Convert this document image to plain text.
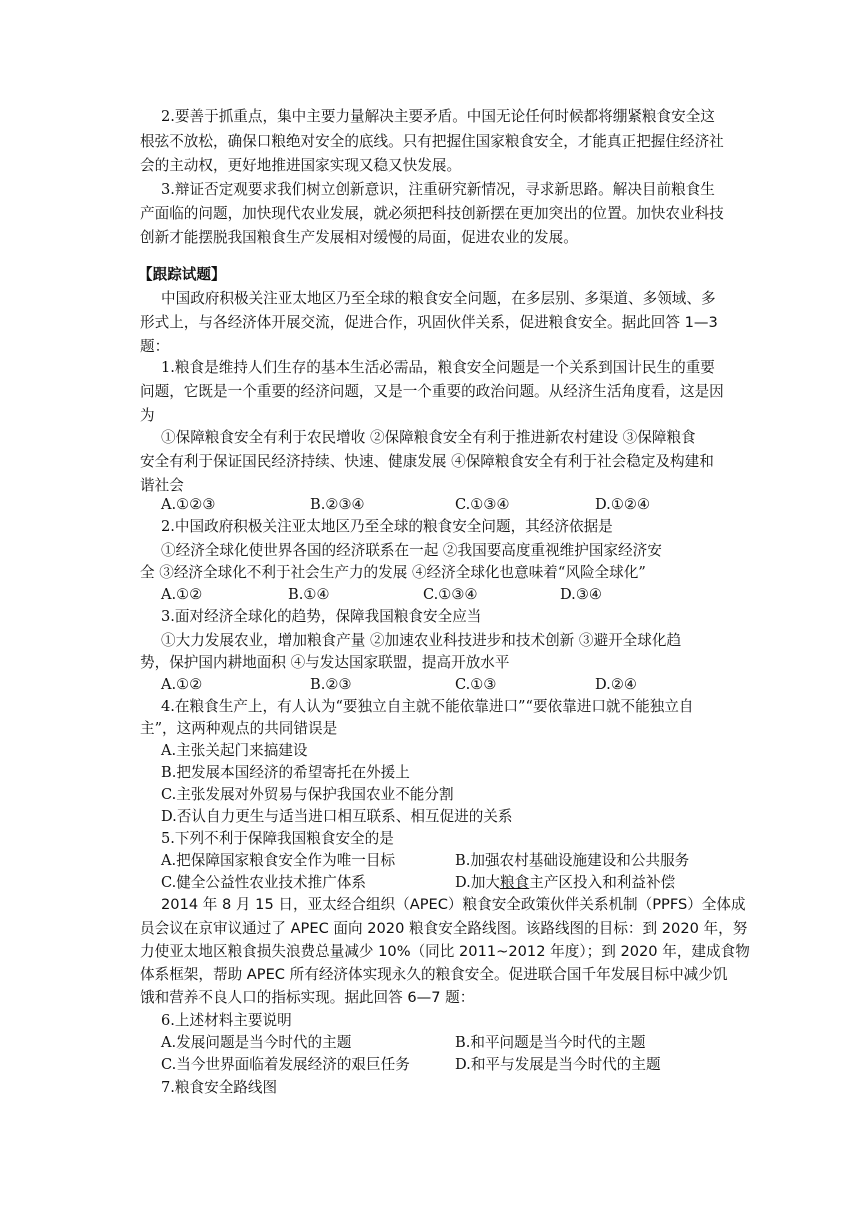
2.要善于抓重点，集中主要力量解决主要矛盾。中国无论任何时候都将绷紧粮食安全这
根弦不放松，确保口粮绝对安全的底线。只有把握住国家粮食安全，才能真正把握住经济社
会的主动权，更好地推进国家实现又稳又快发展。
3.辩证否定观要求我们树立创新意识，注重研究新情况，寻求新思路。解决目前粮食生
产面临的问题，加快现代农业发展，就必须把科技创新摆在更加突出的位置。加快农业科技
创新才能摆脱我国粮食生产发展相对缓慢的局面，促进农业的发展。
【跟踪试题】
中国政府积极关注亚太地区乃至全球的粮食安全问题，在多层别、多渠道、多领域、多
形式上，与各经济体开展交流，促进合作，巩固伙伴关系，促进粮食安全。据此回答 1—3
题：
1.粮食是维持人们生存的基本生活必需品，粮食安全问题是一个关系到国计民生的重要
问题，它既是一个重要的经济问题，又是一个重要的政治问题。从经济生活角度看，这是因
为
①保障粮食安全有利于农民增收 ②保障粮食安全有利于推进新农村建设 ③保障粮食
安全有利于保证国民经济持续、快速、健康发展 ④保障粮食安全有利于社会稳定及构建和
谐社会
A.①②③	B.②③④	C.①③④	D.①②④
2.中国政府积极关注亚太地区乃至全球的粮食安全问题，其经济依据是
①经济全球化使世界各国的经济联系在一起 ②我国要高度重视维护国家经济安
全 ③经济全球化不利于社会生产力的发展 ④经济全球化也意味着“风险全球化”
A.①②	B.①④	C.①③④	D.③④
3.面对经济全球化的趋势，保障我国粮食安全应当
①大力发展农业，增加粮食产量 ②加速农业科技进步和技术创新 ③避开全球化趋
势，保护国内耕地面积 ④与发达国家联盟，提高开放水平
A.①②	B.②③	C.①③	D.②④
4.在粮食生产上，有人认为“要独立自主就不能依靠进口”“要依靠进口就不能独立自
主”，这两种观点的共同错误是
A.主张关起门来搞建设
B.把发展本国经济的希望寄托在外援上
C.主张发展对外贸易与保护我国农业不能分割
D.否认自力更生与适当进口相互联系、相互促进的关系
5.下列不利于保障我国粮食安全的是
A.把保障国家粮食安全作为唯一目标	B.加强农村基础设施建设和公共服务
C.健全公益性农业技术推广体系	D.加大粮食主产区投入和利益补偿
2014 年 8 月 15 日，亚太经合组织（APEC）粮食安全政策伙伴关系机制（PPFS）全体成
员会议在京审议通过了 APEC 面向 2020 粮食安全路线图。该路线图的目标：到 2020 年，努
力使亚太地区粮食损失浪费总量减少 10%（同比 2011~2012 年度）；到 2020 年，建成食物
体系框架，帮助 APEC 所有经济体实现永久的粮食安全。促进联合国千年发展目标中减少饥
饿和营养不良人口的指标实现。据此回答 6—7 题：
6.上述材料主要说明
A.发展问题是当今时代的主题	B.和平问题是当今时代的主题
C.当今世界面临着发展经济的艰巨任务	D.和平与发展是当今时代的主题
7.粮食安全路线图
